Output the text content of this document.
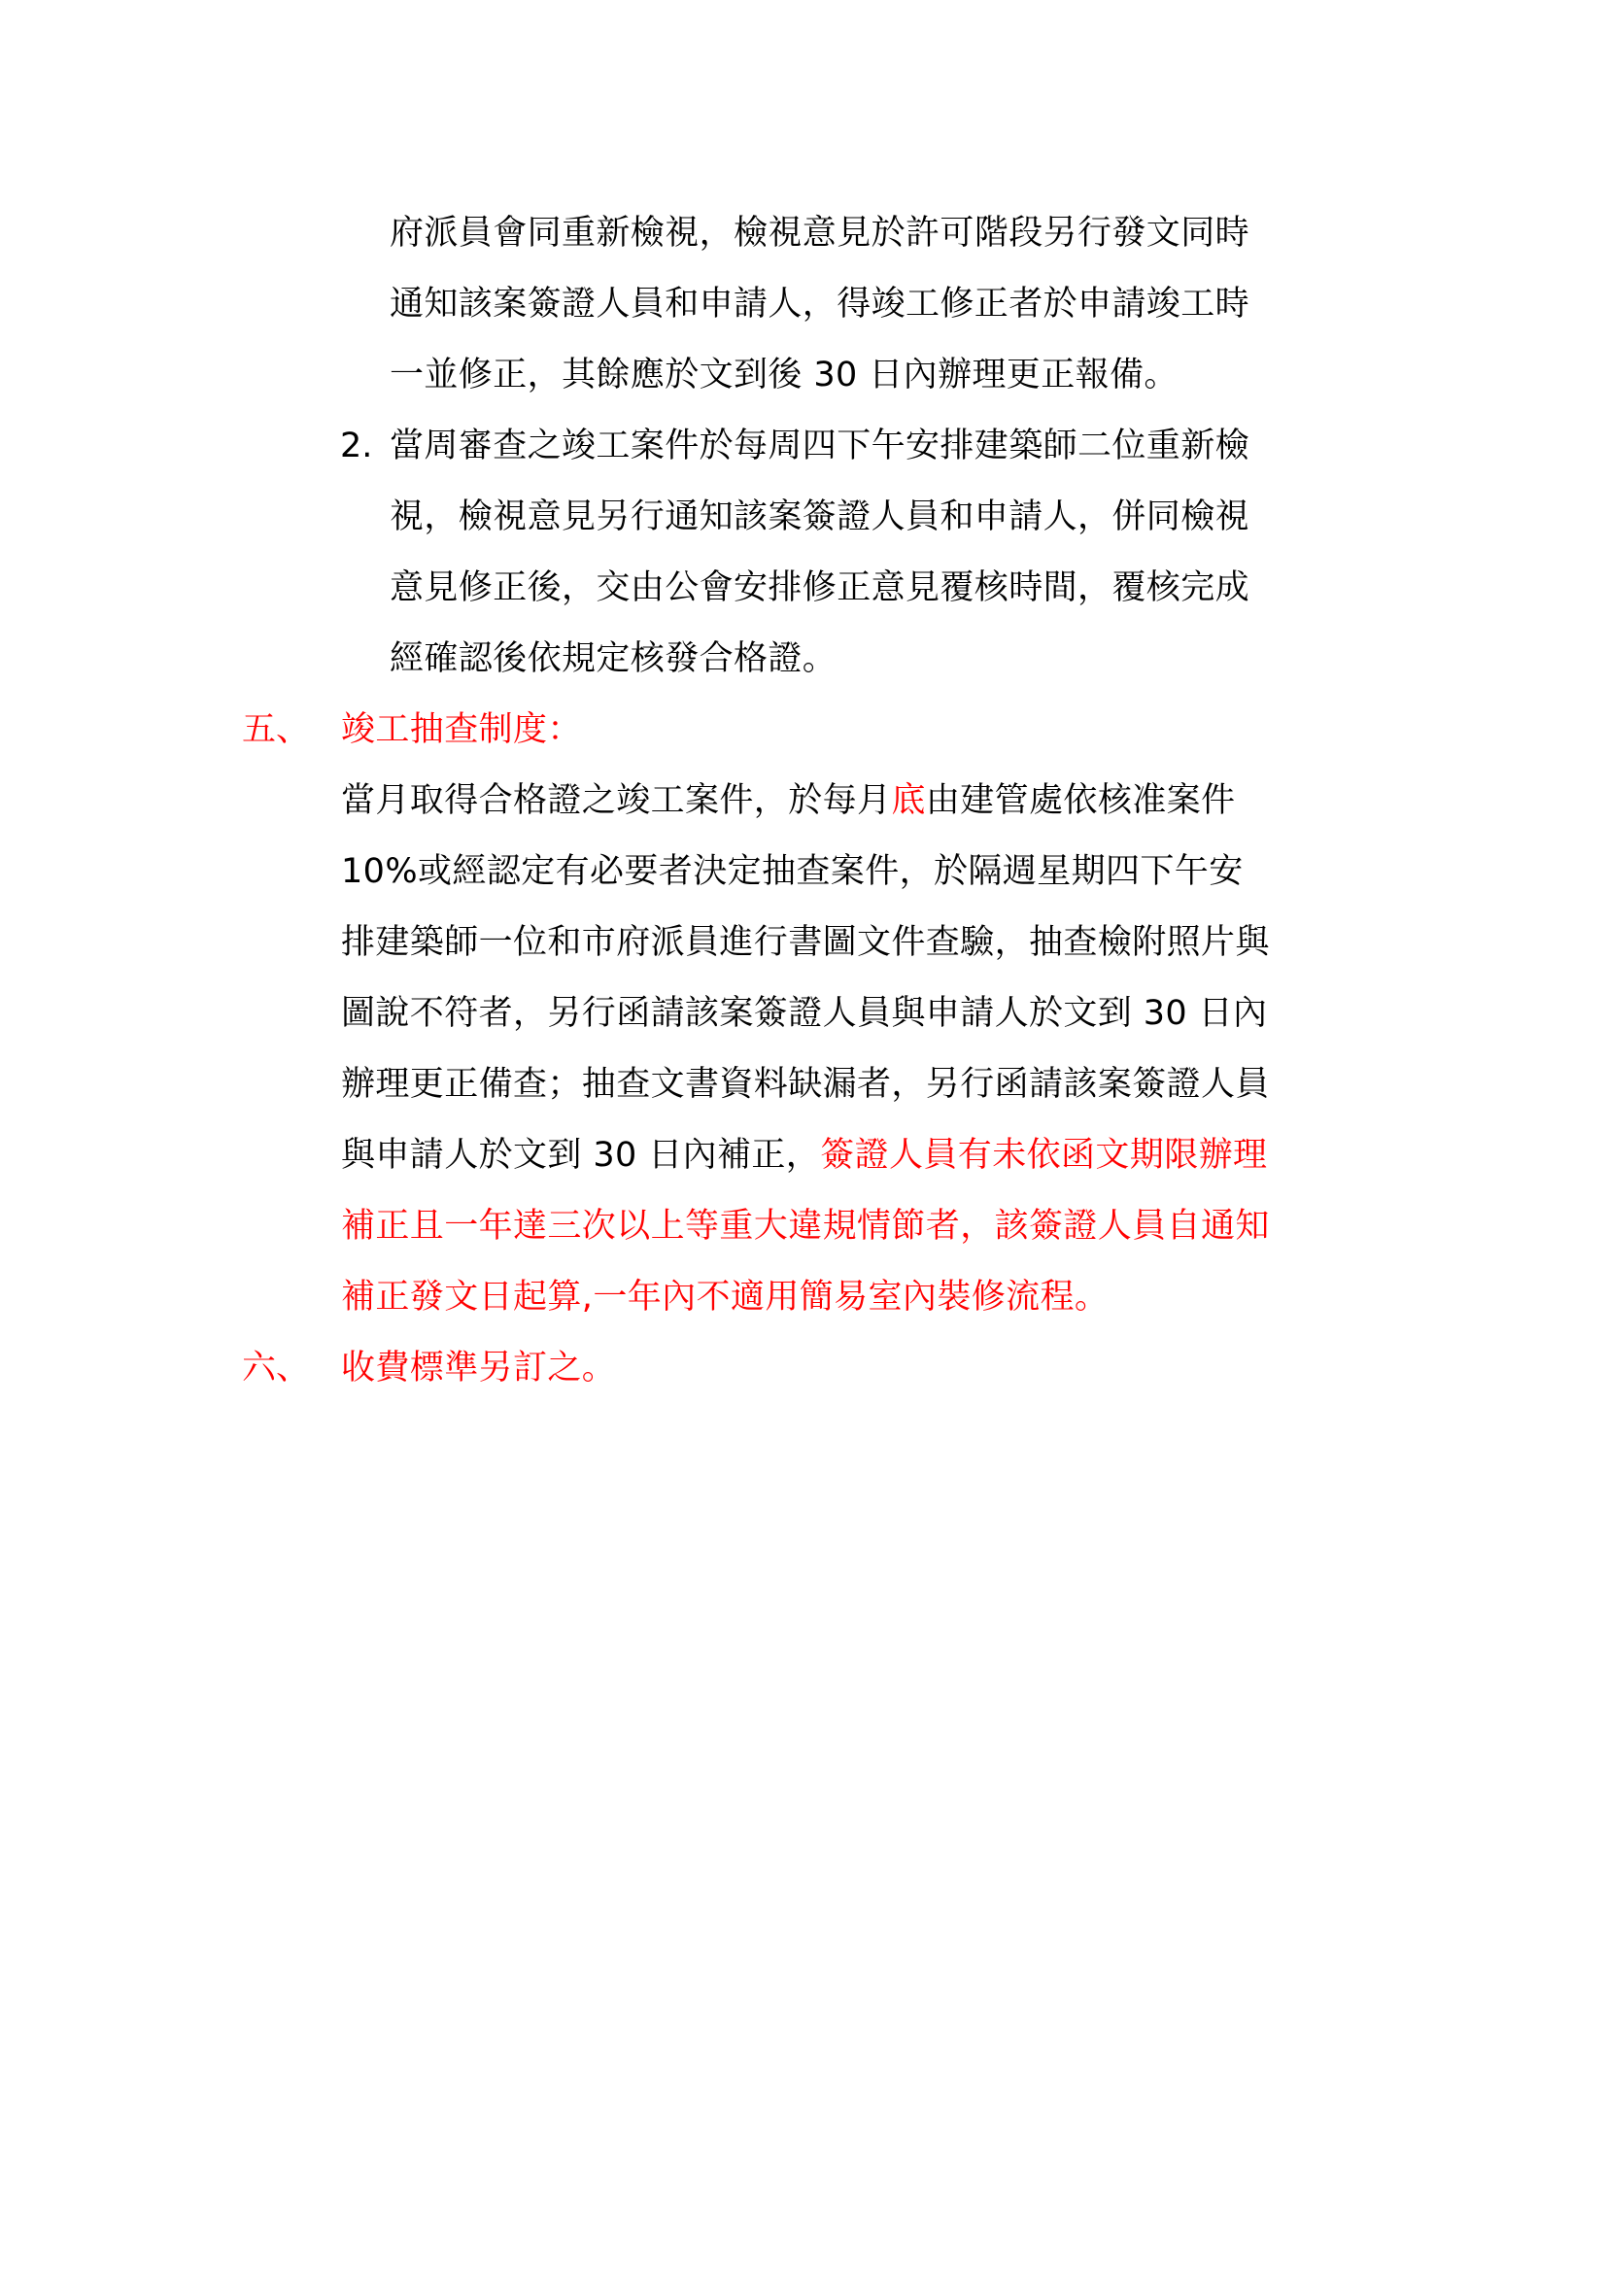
府派員會同重新檢視，檢視意見於許可階段另行發文同時
通知該案簽證人員和申請人，得竣工修正者於申請竣工時
一並修正，其餘應於文到後 30 日內辦理更正報備。
2. 當周審查之竣工案件於每周四下午安排建築師二位重新檢
視，檢視意見另行通知該案簽證人員和申請人，併同檢視
意見修正後，交由公會安排修正意見覆核時間，覆核完成
經確認後依規定核發合格證。
五、 竣工抽查制度：
當月取得合格證之竣工案件，於每月底由建管處依核准案件
10%或經認定有必要者決定抽查案件，於隔週星期四下午安
排建築師一位和市府派員進行書圖文件查驗，抽查檢附照片與
圖說不符者，另行函請該案簽證人員與申請人於文到 30 日內
辦理更正備查；抽查文書資料缺漏者，另行函請該案簽證人員
與申請人於文到 30 日內補正，簽證人員有未依函文期限辦理
補正且一年達三次以上等重大違規情節者，該簽證人員自通知
補正發文日起算,一年內不適用簡易室內裝修流程。
六、 收費標準另訂之。
